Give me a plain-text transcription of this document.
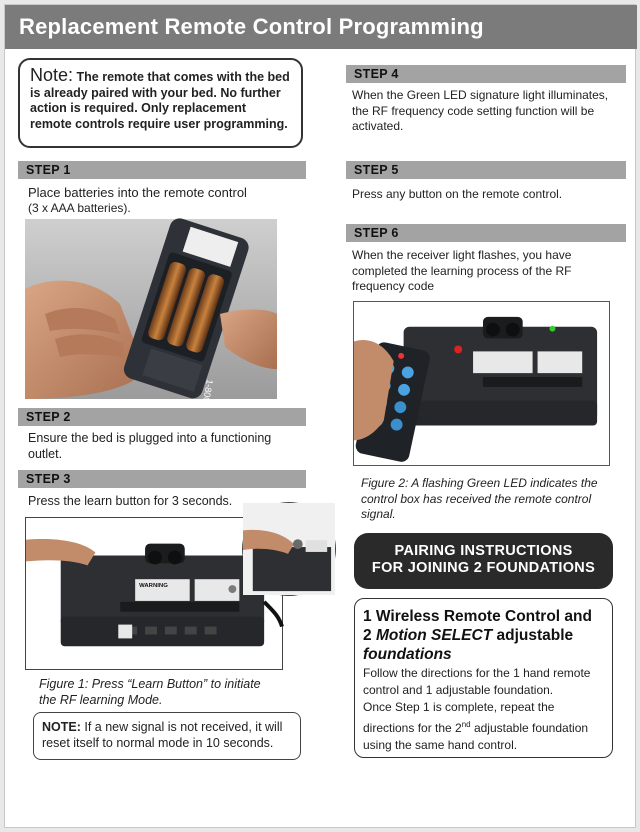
Replacement Remote Control Programming
Note: The remote that comes with the bed is already paired with your bed. No further action is required. Only replacement remote controls require user programming.
STEP 1
Place batteries into the remote control
(3 x AAA batteries).
STEP 2
Ensure the bed is plugged into a functioning
outlet.
STEP 3
Press the learn button for 3 seconds.
WARNING
Figure 1: Press “Learn Button” to initiate
the RF learning Mode.
NOTE: If a new signal is not received, it will
reset itself to normal mode in 10 seconds.
STEP 4
When the Green LED signature light illuminates,
the RF frequency code setting function will be
activated.
STEP 5
Press any button on the remote control.
STEP 6
When the receiver light flashes, you have
completed the learning process of the RF
frequency code
Figure 2: A flashing Green LED indicates the
control box has received the remote control
signal.
PAIRING INSTRUCTIONS
FOR JOINING 2 FOUNDATIONS
1 Wireless Remote Control and
2 Motion SELECT adjustable
foundations
Follow the directions for the 1 hand remote
control and 1 adjustable foundation.
Once Step 1 is complete, repeat the
directions for the 2nd adjustable foundation
using the same hand control.
